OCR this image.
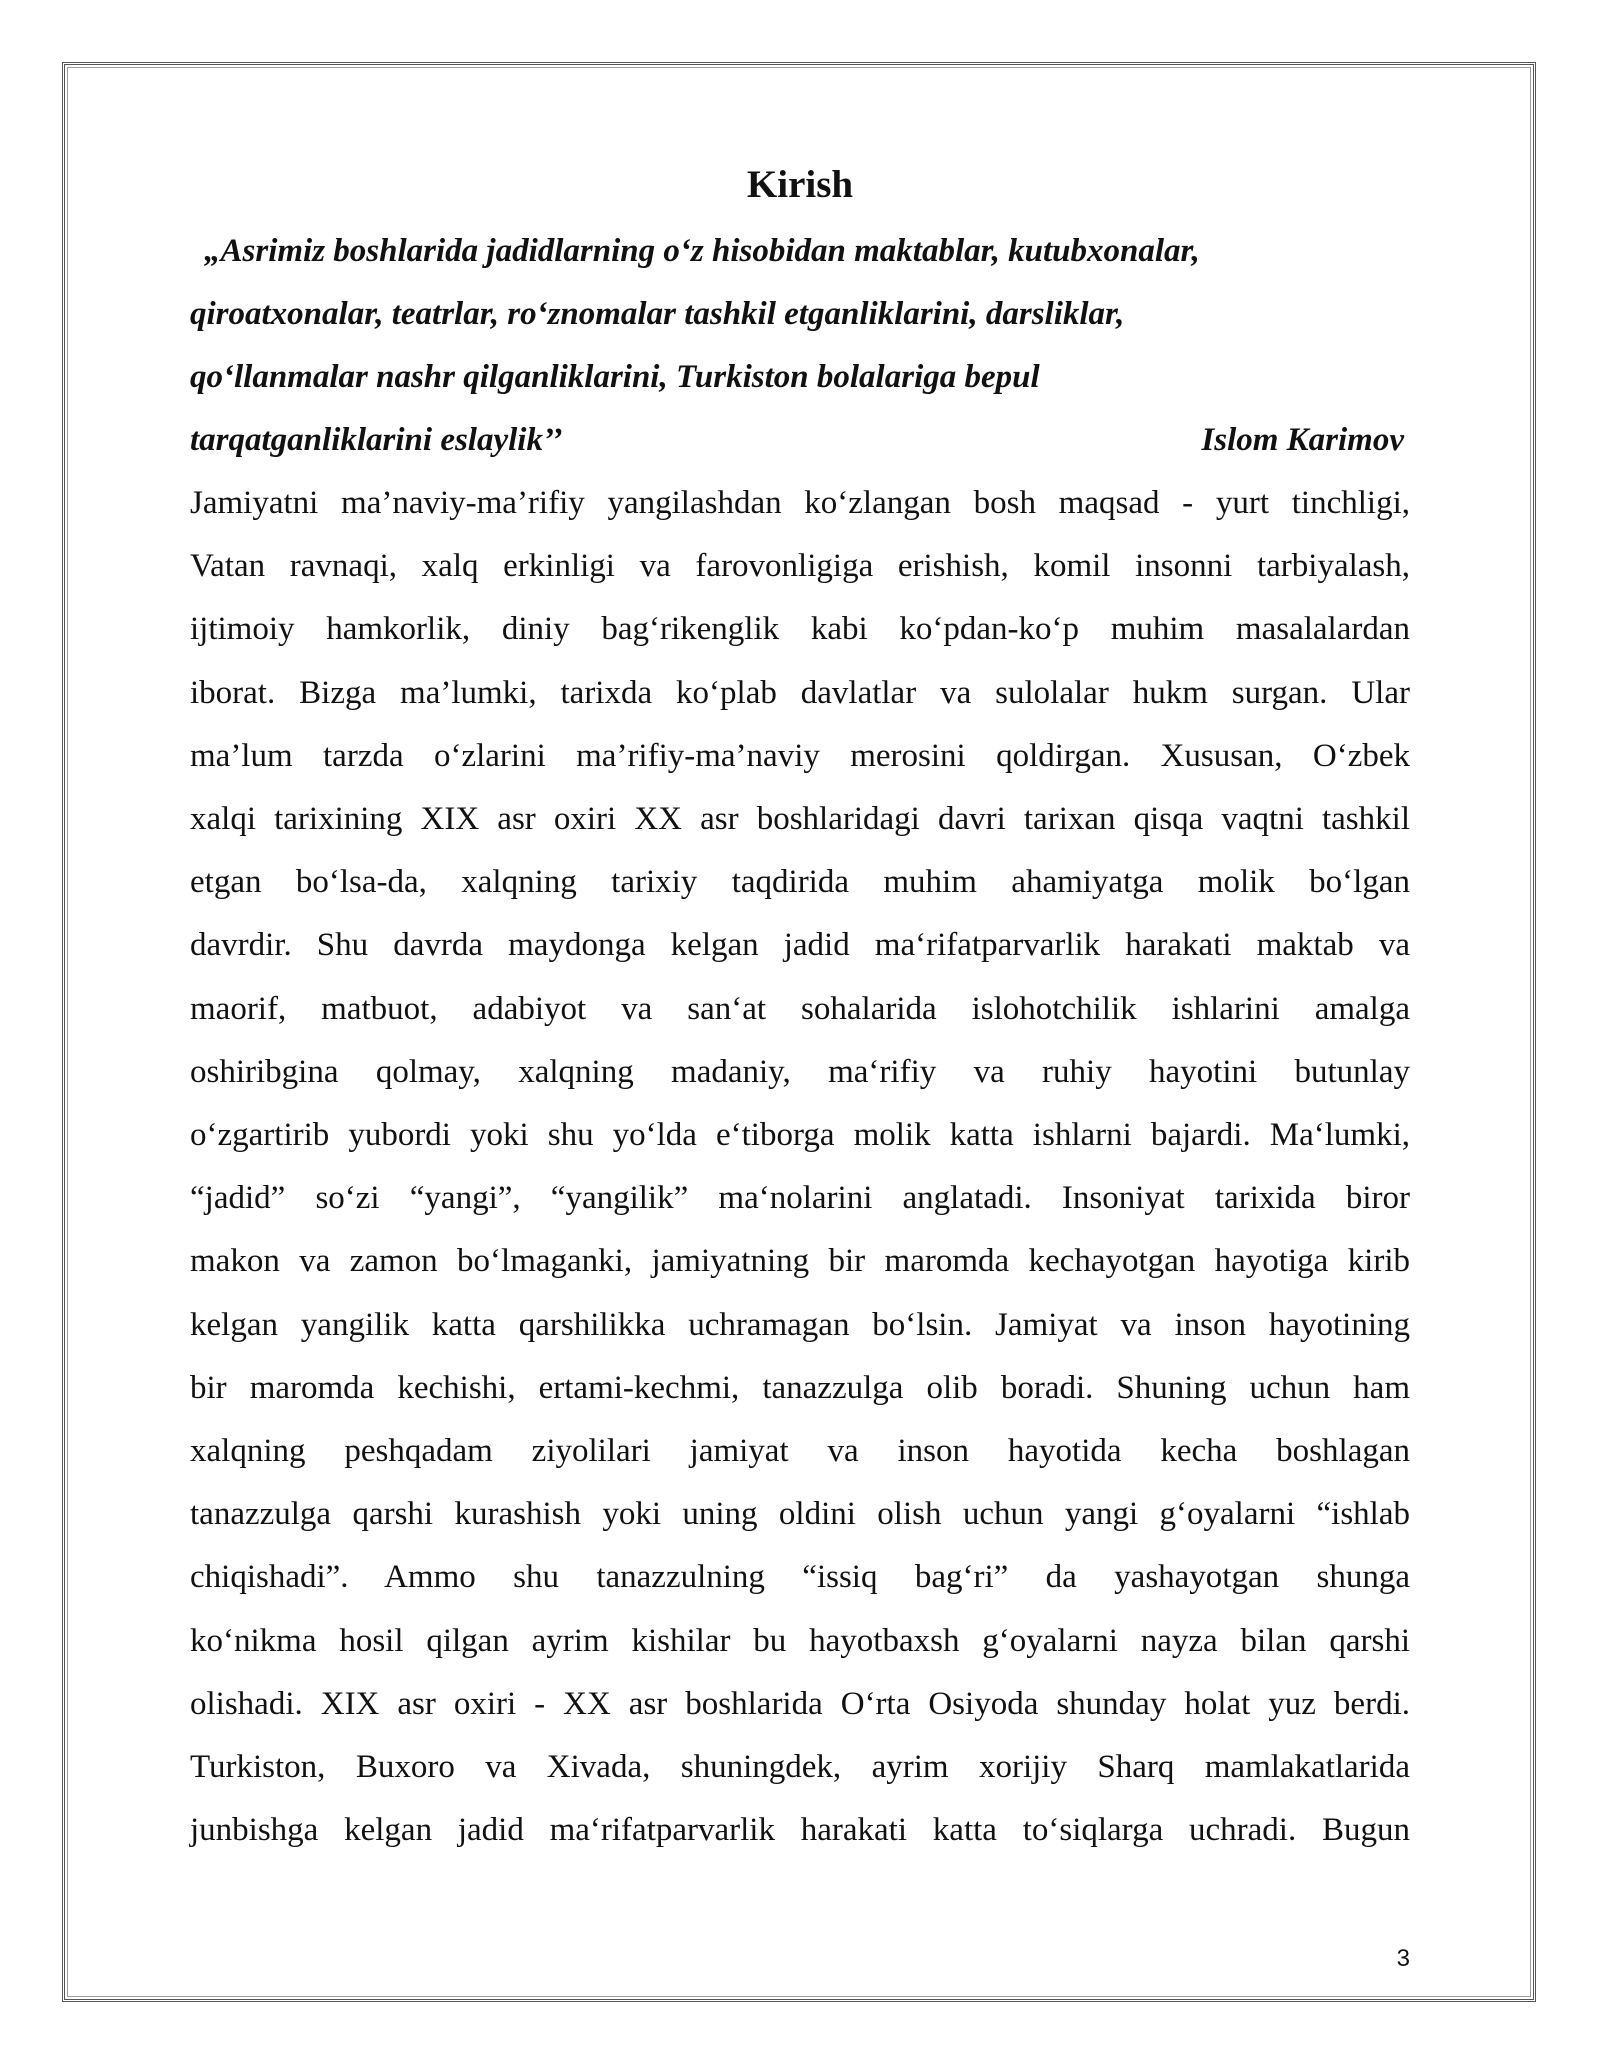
Kirish
„Asrimiz boshlarida jadidlarning oʻz hisobidan maktablar, kutubxonalar,
qiroatxonalar, teatrlar, roʻznomalar tashkil etganliklarini, darsliklar,
qoʻllanmalar nashr qilganliklarini, Turkiston bolalariga bepul
tarqatganliklarini eslaylik’’	Islom Karimov
Jamiyatni ma’naviy-ma’rifiy yangilashdan koʻzlangan bosh maqsad - yurt tinchligi,
Vatan ravnaqi, xalq erkinligi va farovonligiga erishish, komil insonni tarbiyalash,
ijtimoiy hamkorlik, diniy bagʻrikenglik kabi koʻpdan-koʻp muhim masalalardan
iborat. Bizga ma’lumki, tarixda koʻplab davlatlar va sulolalar hukm surgan. Ular
ma’lum tarzda oʻzlarini ma’rifiy-ma’naviy merosini qoldirgan. Xususan, Oʻzbek
xalqi tarixining XIX asr oxiri XX asr boshlaridagi davri tarixan qisqa vaqtni tashkil
etgan boʻlsa-da, xalqning tarixiy taqdirida muhim ahamiyatga molik boʻlgan
davrdir. Shu davrda maydonga kelgan jadid maʻrifatparvarlik harakati maktab va
maorif, matbuot, adabiyot va sanʻat sohalarida islohotchilik ishlarini amalga
oshiribgina qolmay, xalqning madaniy, maʻrifiy va ruhiy hayotini butunlay
oʻzgartirib yubordi yoki shu yoʻlda eʻtiborga molik katta ishlarni bajardi. Maʻlumki,
“jadid” soʻzi “yangi”, “yangilik” maʻnolarini anglatadi. Insoniyat tarixida biror
makon va zamon boʻlmaganki, jamiyatning bir maromda kechayotgan hayotiga kirib
kelgan yangilik katta qarshilikka uchramagan boʻlsin. Jamiyat va inson hayotining
bir maromda kechishi, ertami-kechmi, tanazzulga olib boradi. Shuning uchun ham
xalqning peshqadam ziyolilari jamiyat va inson hayotida kecha boshlagan
tanazzulga qarshi kurashish yoki uning oldini olish uchun yangi gʻoyalarni “ishlab
chiqishadi”. Ammo shu tanazzulning “issiq bagʻri” da yashayotgan shunga
koʻnikma hosil qilgan ayrim kishilar bu hayotbaxsh gʻoyalarni nayza bilan qarshi
olishadi. XIX asr oxiri - XX asr boshlarida Oʻrta Osiyoda shunday holat yuz berdi.
Turkiston, Buxoro va Xivada, shuningdek, ayrim xorijiy Sharq mamlakatlarida
junbishga kelgan jadid maʻrifatparvarlik harakati katta toʻsiqlarga uchradi. Bugun
3
